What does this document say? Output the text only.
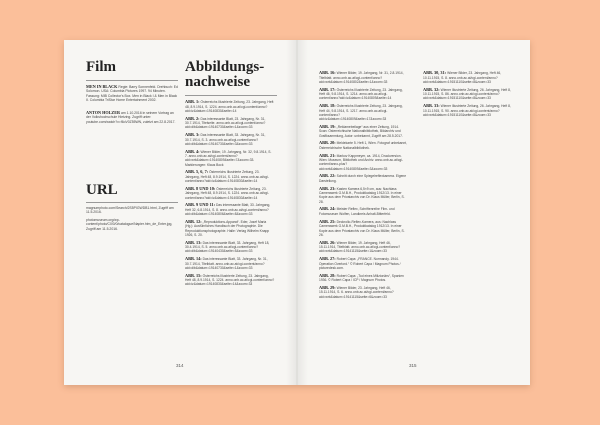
Film
MEN IN BLACK Regie: Barry Sonnenfeld. Drehbuch: Ed Solomon. USA: Columbia Pictures 1997. 94 Minuten. Fassung: MIB Collector's Box. Men in Black I & Men in Black II. Columbia TriStar Home Entertainment 2002.
ANTON HOLZER am 1.10.2016 in seinem Vortrag an der Volkshochschule Hietzing. Zugriff unter: youtube.com/watch?v=f6oV0Z55WN, zuletzt am 22.8.2017.
URL
magnumphoto.com/Search/2S5PIGWDB1.html, Zugriff am 11.5.2016.
photomuseum.org/wp-content/photo/C0/0/0/catalogue/Napier.htm_de_Enter.jpg, Zugriff am 11.5.2016.
Abbildungs-
nachweise
ABB. 1: Österreichs Illustrierte Zeitung, 23. Jahrgang, Heft 48, 8.9.1914, S. 1224. anno.onb.ac.at/cgi-content/anno?aid=iz&datum=19140830&seite=14
ABB. 2: Das interessante Blatt, 23. Jahrgang, Nr. 31, 30.7.1914, Titelseite. anno.onb.ac.at/cgi-content/anno?aid=dib&datum=19140730&seite=1&zoom=33
ABB. 3: Das interessante Blatt, 33. Jahrgang, Nr. 31, 30.7.1914, S. 3. anno.onb.ac.at/cgi-content/anno?aid=dib&datum=19140730&seite=3&zoom=33
ABB. 4: Wiener Bilder, 19. Jahrgang, Nr. 32, 9.8.1914, S. 7. anno.onb.ac.at/cgi-content/anno?aid=wrb&datum=19140809&seite=7&zoom=33. Markierungen: Klaus Bock
ABB. 5, 6, 7: Österreichs Illustrierte Zeitung, 23. Jahrgang, Heft 48, 8.9.1914, S. 1224. anno.onb.ac.at/cgi-content/anno?aid=iz&datum=19140830&seite=14
ABB. 8 UND 10: Österreichs Illustrierte Zeitung, 23. Jahrgang, Heft 48, 8.9.1914, S. 1224. anno.onb.ac.at/cgi-content/anno?aid=iz&datum=19140830&seite=14
ABB. 9 UND 11: Das interessante Blatt, 33. Jahrgang, Heft 32, 6.8.1914, S. 8. anno.onb.ac.at/cgi-content/anno?aid=dib&datum=19140806&seite=8&zoom=33
ABB. 12: „Reproduktions-Apparat“. Eder, Josef Maria (Hg.): Ausführliches Handbuch der Photographie. Die Reproduktionsphotographie. Halle: Verlag Wilhelm Knapp 1926, S. 20.
ABB. 13: Das interessante Blatt, 33. Jahrgang, Heft 18, 30.4.1914, S. 5. anno.onb.ac.at/cgi-content/anno?aid=dib&datum=19140430&seite=5&zoom=33
ABB. 14: Das interessante Blatt, 33. Jahrgang, Nr. 31, 30.7.1914, Titelblatt. anno.onb.ac.at/cgi-content/anno?aid=dib&datum=19140730&seite=1&zoom=33
ABB. 15: Österreichs Illustrierte Zeitung, 23. Jahrgang, Heft 48, 8.9.1914, S. 1224. anno.onb.ac.at/cgi-content/anno?aid=iz&datum=19140830&seite=14&zoom=33
314
ABB. 16: Wiener Bilder, 19. Jahrgang, Nr. 31, 2.8.1914, Titelblatt. anno.onb.ac.at/cgi-content/anno?aid=wrb&datum=19140802&seite=1&zoom=33
ABB. 17: Österreichs Illustrierte Zeitung, 23. Jahrgang, Heft 46, 9.8.1914, S. 1214. anno.onb.ac.at/cgi-content/anno?aid=iz&datum=19140809&seite=14
ABB. 18: Österreichs Illustrierte Zeitung, 23. Jahrgang, Heft 44, 9.8.1914, S. 1217. anno.onb.ac.at/cgi-content/anno?aid=iz&datum=19140809&seite=17&zoom=33
ABB. 19: „Reklamebeilage“ aus einer Zeitung, 1914. Scan: Österreichische Nationalbibliothek, Bildarchiv und Grafiksammlung, Autor: unbekannt, Zugriff am 28.5.2017.
ABB. 20: Meldekarte 5. Heft 1, Wien. Fotograf unbekannt, Österreichische Nationalbibliothek.
ABB. 21: Markov Kappmeyer, ca. 1914, Druckversion. Wien: Museum, Bibliothek und Archiv. anno.onb.ac.at/cgi-content/anno-plus?aid=wrb&datum=19140809&seite=3&zoom=33
ABB. 22: Schnitt durch eine Spiegelreflexkamera. Eigene Darstellung.
ABB. 23: Kasten Kamera 6,5×9 cm, aus: Nachlass Camerawerk G.M.B.H., Produktkatalog 1912/13. In einer Kopie aus dem Privatarchiv von Dr. Klaus Müller, Berlin, S. 28.
ABB. 24: Meister Reflex, Schriftenreihe Film- und Fotomuseum Wolfen, Landkreis Anhalt-Bitterfeld.
ABB. 25: Deckrollo-Reflex-Kamera, aus: Nachlass Camerawerk G.M.B.H., Produktkatalog 1912/13. In einer Kopie aus dem Privatarchiv von Dr. Klaus Müller, Berlin, S. 26.
ABB. 26: Wiener Bilder, 19. Jahrgang, Heft 46, 15.11.1914, Titelblatt. anno.onb.ac.at/cgi-content/anno?aid=wrb&datum=19141115&seite=1&zoom=33
ABB. 27: Robert Capa: „FRANCE. Normandy. 1944. Operation Overlord.“ © Robert Capa / Magnum Photos / picturedesk.com.
ABB. 28: Robert Capa: „Tod eines Milizionärs“, Spanien 1936. © Robert Capa / ICP / Magnum Photos.
ABB. 29: Wiener Bilder, 23. Jahrgang, Heft 46, 15.11.1914, S. 6. anno.onb.ac.at/cgi-content/anno?aid=wrb&datum=19141115&seite=6&zoom=33
ABB. 30, 31: Wiener Bilder, 23. Jahrgang, Heft 46, 10.11.1915, S. 8. anno.onb.ac.at/cgi-content/anno?aid=wrb&datum=19151110&seite=8&zoom=33
ABB. 32: Wiener Illustrierte Zeitung, 26. Jahrgang, Heft 8, 10.11.1915, S. 86. anno.onb.ac.at/cgi-content/anno?aid=wrb&datum=19151110&seite=8&zoom=33
ABB. 33: Wiener Illustrierte Zeitung, 26. Jahrgang, Heft 8, 10.11.1915, S. 90. anno.onb.ac.at/cgi-content/anno?aid=wrb&datum=19151110&seite=8&zoom=33
315
